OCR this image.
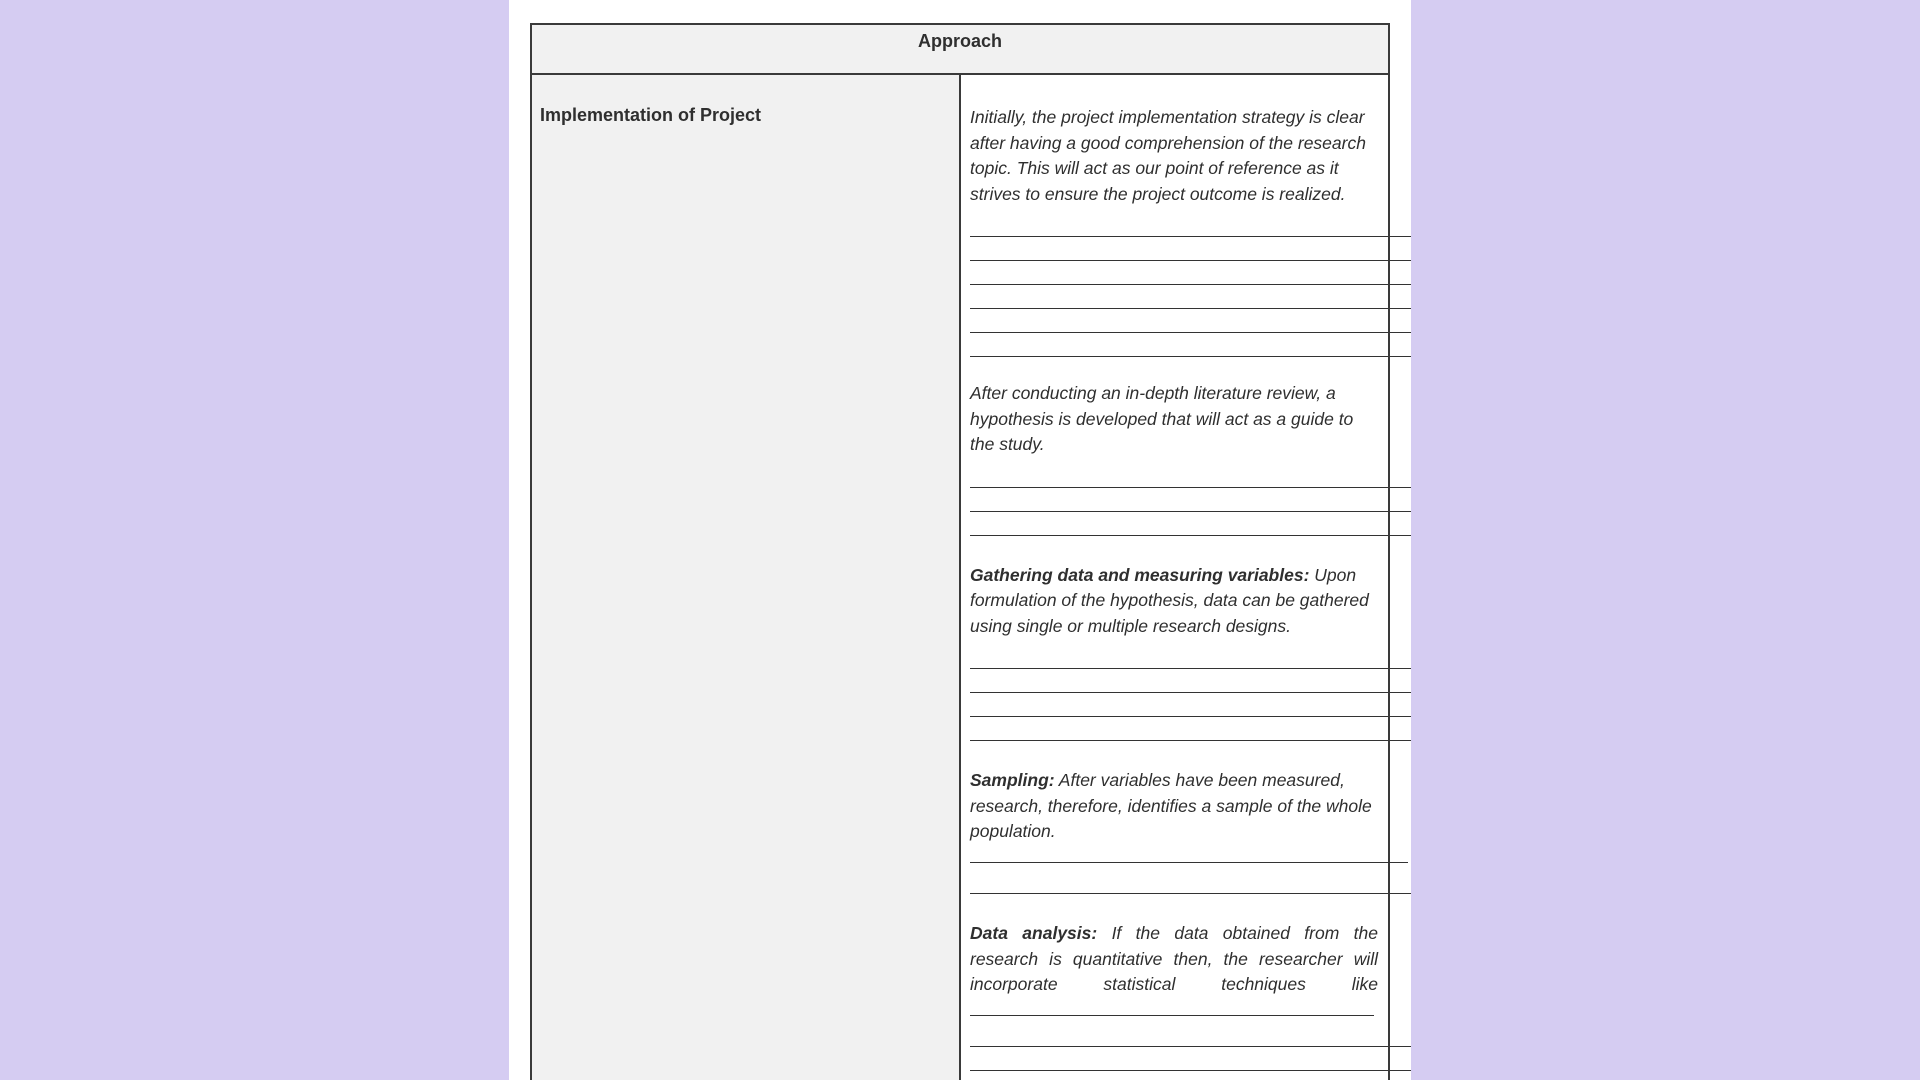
Approach
Implementation of Project	Initially, the project implementation strategy is clear after having a good comprehension of the research topic. This will act as our point of reference as it strives to ensure the project outcome is realized.

After conducting an in-depth literature review, a hypothesis is developed that will act as a guide to the study.

Gathering data and measuring variables: Upon formulation of the hypothesis, data can be gathered using single or multiple research designs.

Sampling: After variables have been measured, research, therefore, identifies a sample of the whole population.

Data analysis: If the data obtained from the research is quantitative then, the researcher will incorporate statistical techniques like
